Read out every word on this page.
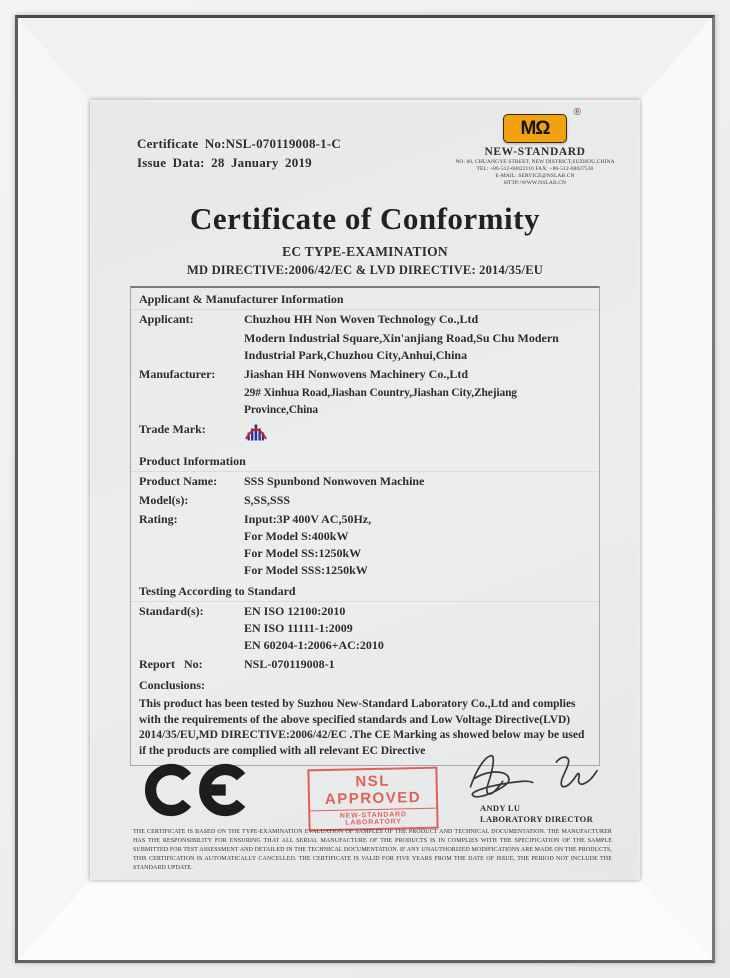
Certificate No:NSL-070119008-1-C
Issue Data: 28 January 2019
MΩ
®
NEW-STANDARD
NO. 60, CHUANGYE STREET, NEW DISTRICT,SUZHOU,CHINA
TEL: +86-512-68022110 FAX: +86-512-68027530
E-MAIL: SERVICE@NSLAB.CN
HTTP:/WWW.NSLAB.CN
Certificate of Conformity
EC TYPE-EXAMINATION
MD DIRECTIVE:2006/42/EC & LVD DIRECTIVE: 2014/35/EU
Applicant & Manufacturer Information
Applicant:	Chuzhou HH Non Woven Technology Co.,Ltd
Modern Industrial Square,Xin'anjiang Road,Su Chu Modern Industrial Park,Chuzhou City,Anhui,China
Manufacturer:	Jiashan HH Nonwovens Machinery Co.,Ltd
29# Xinhua Road,Jiashan Country,Jiashan City,Zhejiang Province,China
Trade Mark:
Product Information
Product Name:	SSS Spunbond Nonwoven Machine
Model(s):	S,SS,SSS
Rating:	Input:3P 400V AC,50Hz,
For Model S:400kW
For Model SS:1250kW
For Model SSS:1250kW
Testing According to Standard
Standard(s):	EN ISO 12100:2010
EN ISO 11111-1:2009
EN 60204-1:2006+AC:2010
Report   No:	NSL-070119008-1
Conclusions:
This product has been tested by Suzhou New-Standard Laboratory Co.,Ltd and complies with the requirements of the above specified standards and Low Voltage Directive(LVD) 2014/35/EU,MD DIRECTIVE:2006/42/EC .The CE Marking as showed below may be used if the products are complied with all relevant EC Directive
NSL APPROVED
NEW-STANDARD LABORATORY
ANDY LU
LABORATORY DIRECTOR
THE CERTIFICATE IS BASED ON THE TYPE-EXAMINATION EVALUATION OF SAMPLES OF THE PRODUCT AND TECHNICAL DOCUMENTATION. THE MANUFACTURER HAS THE RESPONSIBILITY FOR ENSURING THAT ALL SERIAL MANUFACTURE OF THE PRODUCTS IS IN COMPLIES WITH THE SPECIFICATION OF THE SAMPLE SUBMITTED FOR TEST ASSESSMENT AND DETAILED IN THE TECHNICAL DOCUMENTATION. IF ANY UNAUTHORIZED MODIFICATIONS ARE MADE ON THE PRODUCTS, THIS CERTIFICATION IS AUTOMATICALLY CANCELLED. THE CERTIFICATE IS VALID FOR FIVE YEARS FROM THE DATE OF ISSUE, THE PERIOD NOT INCLUDE THE STANDARD UPDATE.
